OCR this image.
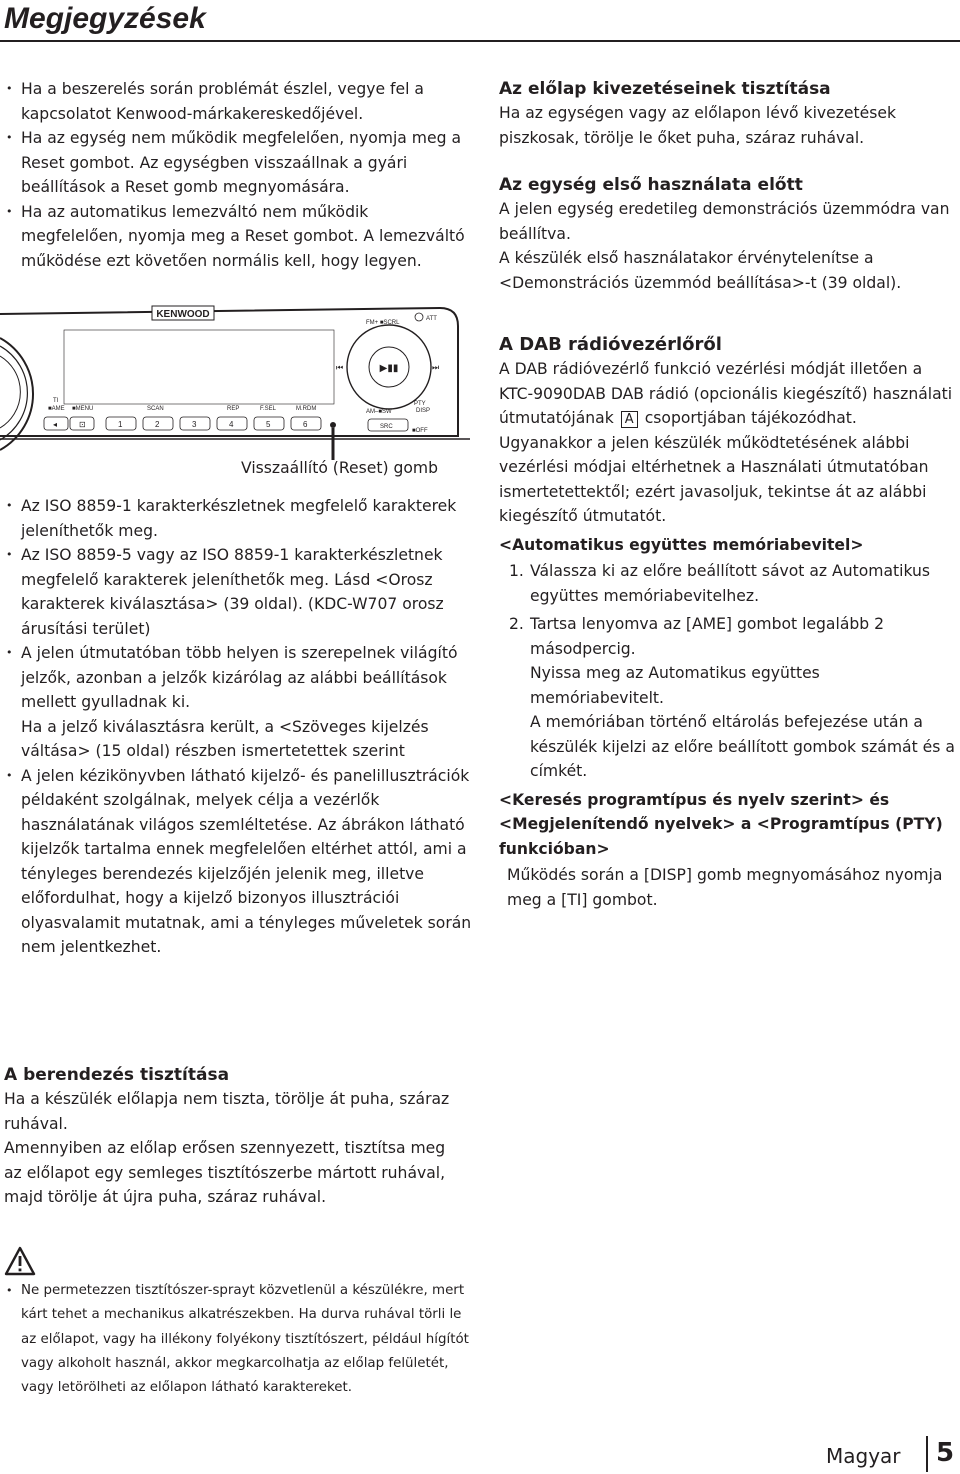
Megjegyzések
• Ha a beszerelés során problémát észlel, vegye fel a kapcsolatot Kenwood-márkakereskedőjével.
• Ha az egység nem működik megfelelően, nyomja meg a Reset gombot. Az egységben visszaállnak a gyári beállítások a Reset gomb megnyomására.
• Ha az automatikus lemezváltó nem működik megfelelően, nyomja meg a Reset gombot. A lemezváltó működése ezt követően normális kell, hogy legyen.
KENWOOD
FM+ ■SCRL
ATT
▶▮▮
⏮	⏭
TI
■AME ■MENU	SCAN	REP	F.SEL	M.RDM	AM–■SW
PTY
DISP
◂	⊡	1	2	3	4	5	6	SRC
■OFF
Visszaállító (Reset) gomb
• Az ISO 8859-1 karakterkészletnek megfelelő karakterek jeleníthetők meg.
• Az ISO 8859-5 vagy az ISO 8859-1 karakterkészletnek megfelelő karakterek jeleníthetők meg. Lásd <Orosz karakterek kiválasztása> (39 oldal). (KDC-W707 orosz árusítási terület)
• A jelen útmutatóban több helyen is szerepelnek világító jelzők, azonban a jelzők kizárólag az alábbi beállítások mellett gyulladnak ki.
Ha a jelző kiválasztásra került, a <Szöveges kijelzés váltása> (15 oldal) részben ismertetettek szerint
• A jelen kézikönyvben látható kijelző- és panelillusztrációk példaként szolgálnak, melyek célja a vezérlők használatának világos szemléltetése. Az ábrákon látható kijelzők tartalma ennek megfelelően eltérhet attól, ami a tényleges berendezés kijelzőjén jelenik meg, illetve előfordulhat, hogy a kijelző bizonyos illusztrációi olyasvalamit mutatnak, ami a tényleges műveletek során nem jelentkezhet.
A berendezés tisztítása

Ha a készülék előlapja nem tiszta, törölje át puha, száraz ruhával.

Amennyiben az előlap erősen szennyezett, tisztítsa meg az előlapot egy semleges tisztítószerbe mártott ruhával, majd törölje át újra puha, száraz ruhával.

• Ne permetezzen tisztítószer-sprayt közvetlenül a készülékre, mert kárt tehet a mechanikus alkatrészekben. Ha durva ruhával törli le az előlapot, vagy ha illékony folyékony tisztítószert, például hígítót vagy alkoholt használ, akkor megkarcolhatja az előlap felületét, vagy letörölheti az előlapon látható karaktereket.
Az előlap kivezetéseinek tisztítása

Ha az egységen vagy az előlapon lévő kivezetések piszkosak, törölje le őket puha, száraz ruhával.

Az egység első használata előtt

A jelen egység eredetileg demonstrációs üzemmódra van beállítva.

A készülék első használatakor érvénytelenítse a <Demonstrációs üzemmód beállítása>-t (39 oldal).

A DAB rádióvezérlőről

A DAB rádióvezérlő funkció vezérlési módját illetően a KTC-9090DAB DAB rádió (opcionális kiegészítő) használati útmutatójának A csoportjában tájékozódhat.

Ugyanakkor a jelen készülék működtetésének alábbi vezérlési módjai eltérhetnek a Használati útmutatóban ismertetettektől; ezért javasoljuk, tekintse át az alábbi kiegészítő útmutatót.

<Automatikus együttes memóriabevitel>
1. Válassza ki az előre beállított sávot az Automatikus együttes memóriabevitelhez.
2. Tartsa lenyomva az [AME] gombot legalább 2 másodpercig.
Nyissa meg az Automatikus együttes memóriabevitelt.
A memóriában történő eltárolás befejezése után a készülék kijelzi az előre beállított gombok számát és a címkét.
<Keresés programtípus és nyelv szerint> és <Megjelenítendő nyelvek> a <Programtípus (PTY) funkcióban>

Működés során a [DISP] gomb megnyomásához nyomja meg a [TI] gombot.

Magyar 5
